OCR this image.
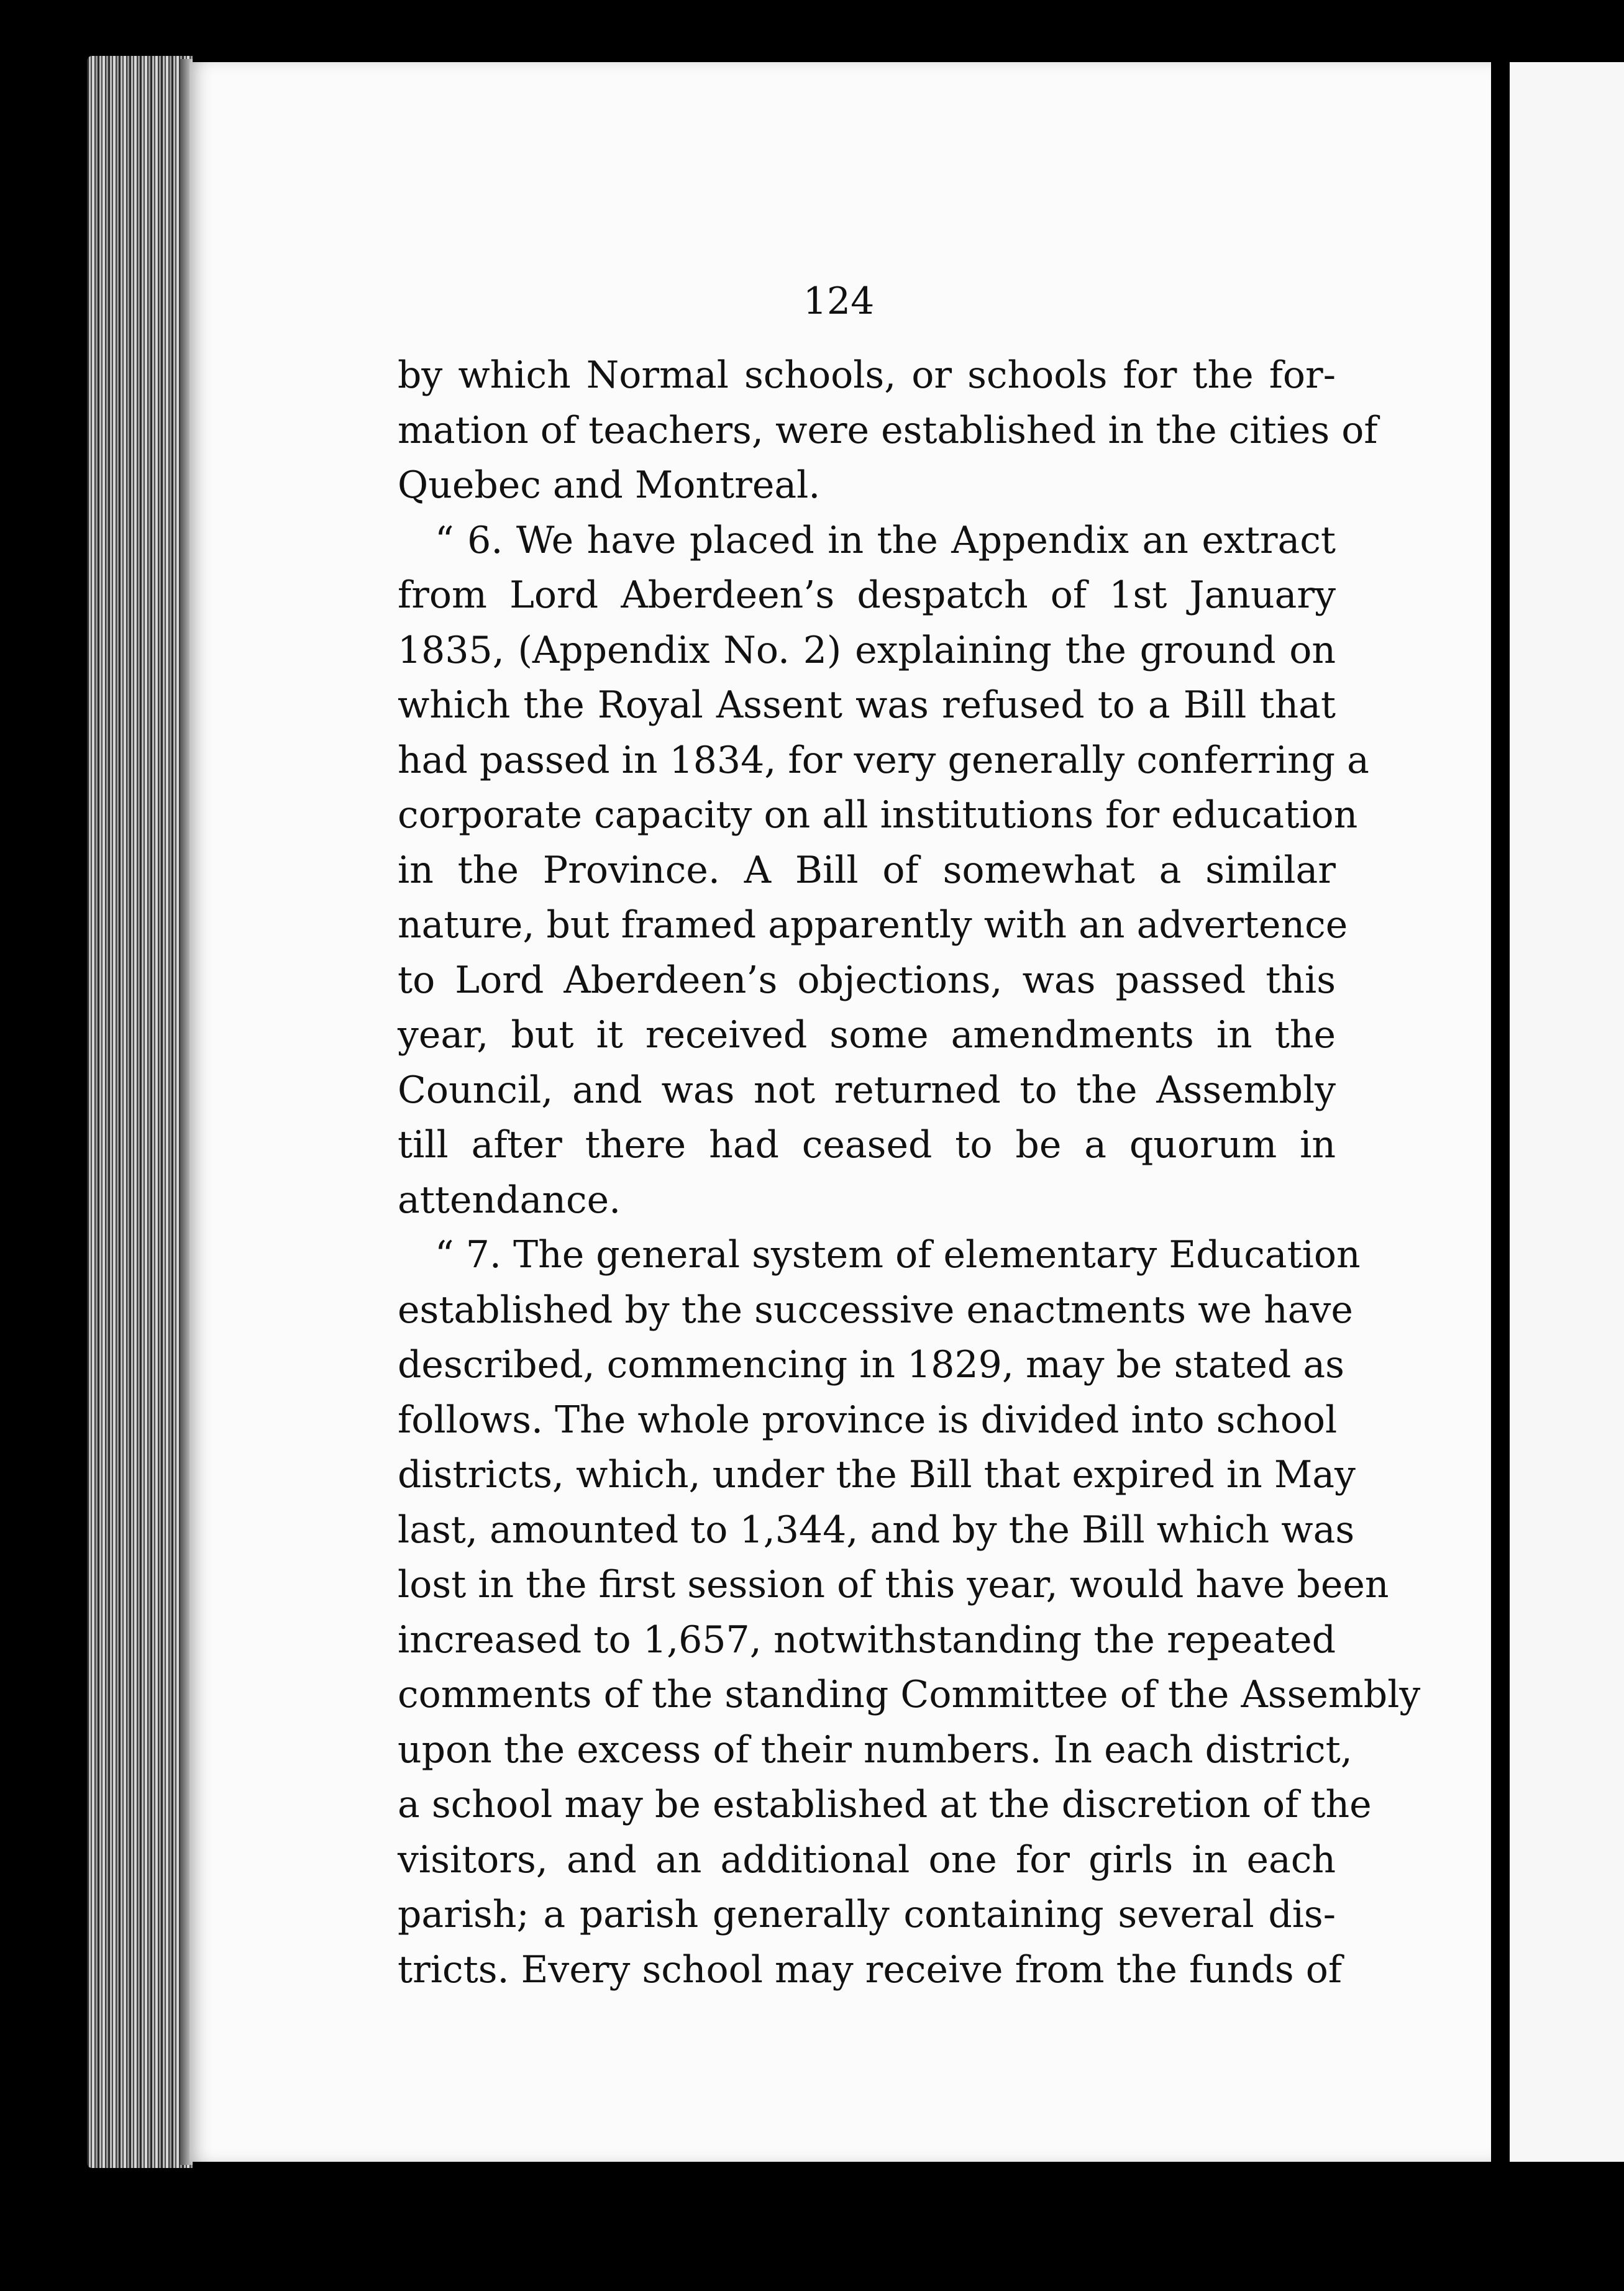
124

by which Normal schools, or schools for the for-
mation of teachers, were established in the cities of
Quebec and Montreal.
“ 6. We have placed in the Appendix an extract
from Lord Aberdeen’s despatch of 1st January
1835, (Appendix No. 2) explaining the ground on
which the Royal Assent was refused to a Bill that
had passed in 1834, for very generally conferring a
corporate capacity on all institutions for education
in the Province. A Bill of somewhat a similar
nature, but framed apparently with an advertence
to Lord Aberdeen’s objections, was passed this
year, but it received some amendments in the
Council, and was not returned to the Assembly
till after there had ceased to be a quorum in
attendance.
“ 7. The general system of elementary Education
established by the successive enactments we have
described, commencing in 1829, may be stated as
follows. The whole province is divided into school
districts, which, under the Bill that expired in May
last, amounted to 1,344, and by the Bill which was
lost in the first session of this year, would have been
increased to 1,657, notwithstanding the repeated
comments of the standing Committee of the Assembly
upon the excess of their numbers. In each district,
a school may be established at the discretion of the
visitors, and an additional one for girls in each
parish; a parish generally containing several dis-
tricts. Every school may receive from the funds of
